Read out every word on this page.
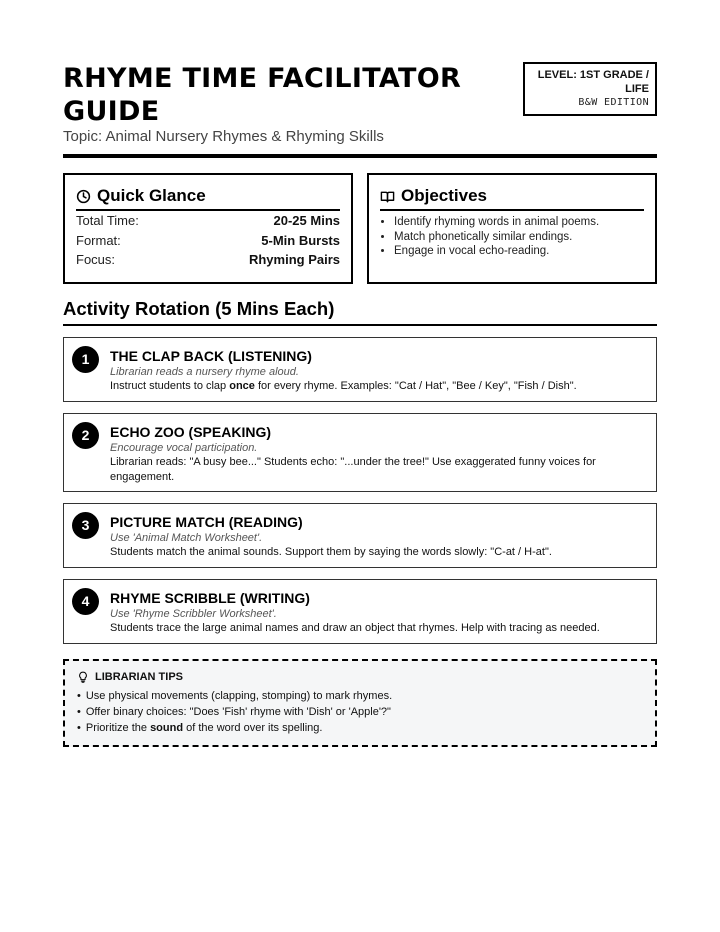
RHYME TIME FACILITATOR GUIDE
Topic: Animal Nursery Rhymes & Rhyming Skills
LEVEL: 1ST GRADE / LIFE
B&W EDITION
Quick Glance
Total Time:	20-25 Mins
Format:	5-Min Bursts
Focus:	Rhyming Pairs
Objectives
• Identify rhyming words in animal poems.
• Match phonetically similar endings.
• Engage in vocal echo-reading.
Activity Rotation (5 Mins Each)
1	THE CLAP BACK (LISTENING)
Librarian reads a nursery rhyme aloud.
Instruct students to clap once for every rhyme. Examples: "Cat / Hat", "Bee / Key", "Fish / Dish".
2	ECHO ZOO (SPEAKING)
Encourage vocal participation.
Librarian reads: "A busy bee..." Students echo: "...under the tree!" Use exaggerated funny voices for engagement.
3	PICTURE MATCH (READING)
Use 'Animal Match Worksheet'.
Students match the animal sounds. Support them by saying the words slowly: "C-at / H-at".
4	RHYME SCRIBBLE (WRITING)
Use 'Rhyme Scribbler Worksheet'.
Students trace the large animal names and draw an object that rhymes. Help with tracing as needed.
LIBRARIAN TIPS
• Use physical movements (clapping, stomping) to mark rhymes.
• Offer binary choices: "Does 'Fish' rhyme with 'Dish' or 'Apple'?"
• Prioritize the sound of the word over its spelling.
